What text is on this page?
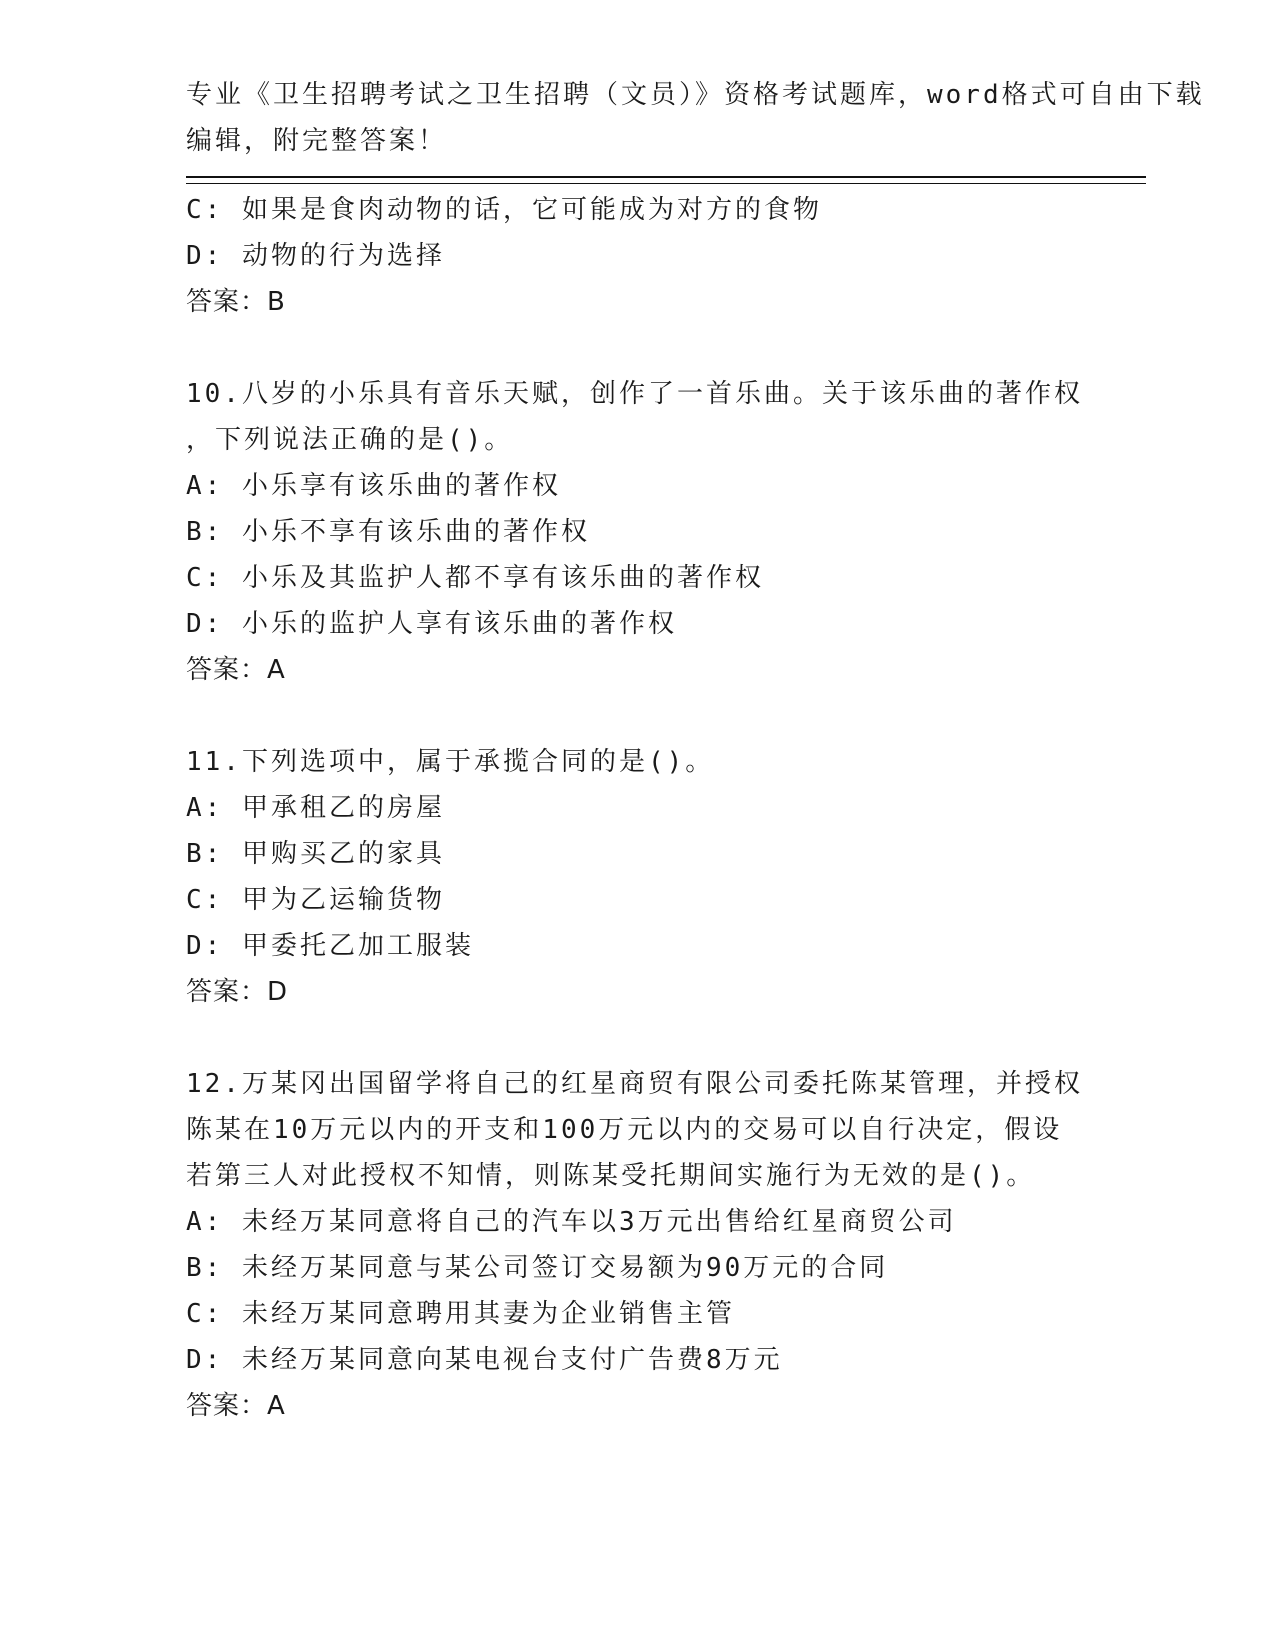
专业《卫生招聘考试之卫生招聘（文员）》资格考试题库，word格式可自由下载
编辑，附完整答案！
C: 如果是食肉动物的话，它可能成为对方的食物
D: 动物的行为选择
答案：B
10.八岁的小乐具有音乐天赋，创作了一首乐曲。关于该乐曲的著作权
，下列说法正确的是()。
A: 小乐享有该乐曲的著作权
B: 小乐不享有该乐曲的著作权
C: 小乐及其监护人都不享有该乐曲的著作权
D: 小乐的监护人享有该乐曲的著作权
答案：A
11.下列选项中，属于承揽合同的是()。
A: 甲承租乙的房屋
B: 甲购买乙的家具
C: 甲为乙运输货物
D: 甲委托乙加工服装
答案：D
12.万某冈出国留学将自己的红星商贸有限公司委托陈某管理，并授权
陈某在10万元以内的开支和100万元以内的交易可以自行决定，假设
若第三人对此授权不知情，则陈某受托期间实施行为无效的是()。
A: 未经万某同意将自己的汽车以3万元出售给红星商贸公司
B: 未经万某同意与某公司签订交易额为90万元的合同
C: 未经万某同意聘用其妻为企业销售主管
D: 未经万某同意向某电视台支付广告费8万元
答案：A
